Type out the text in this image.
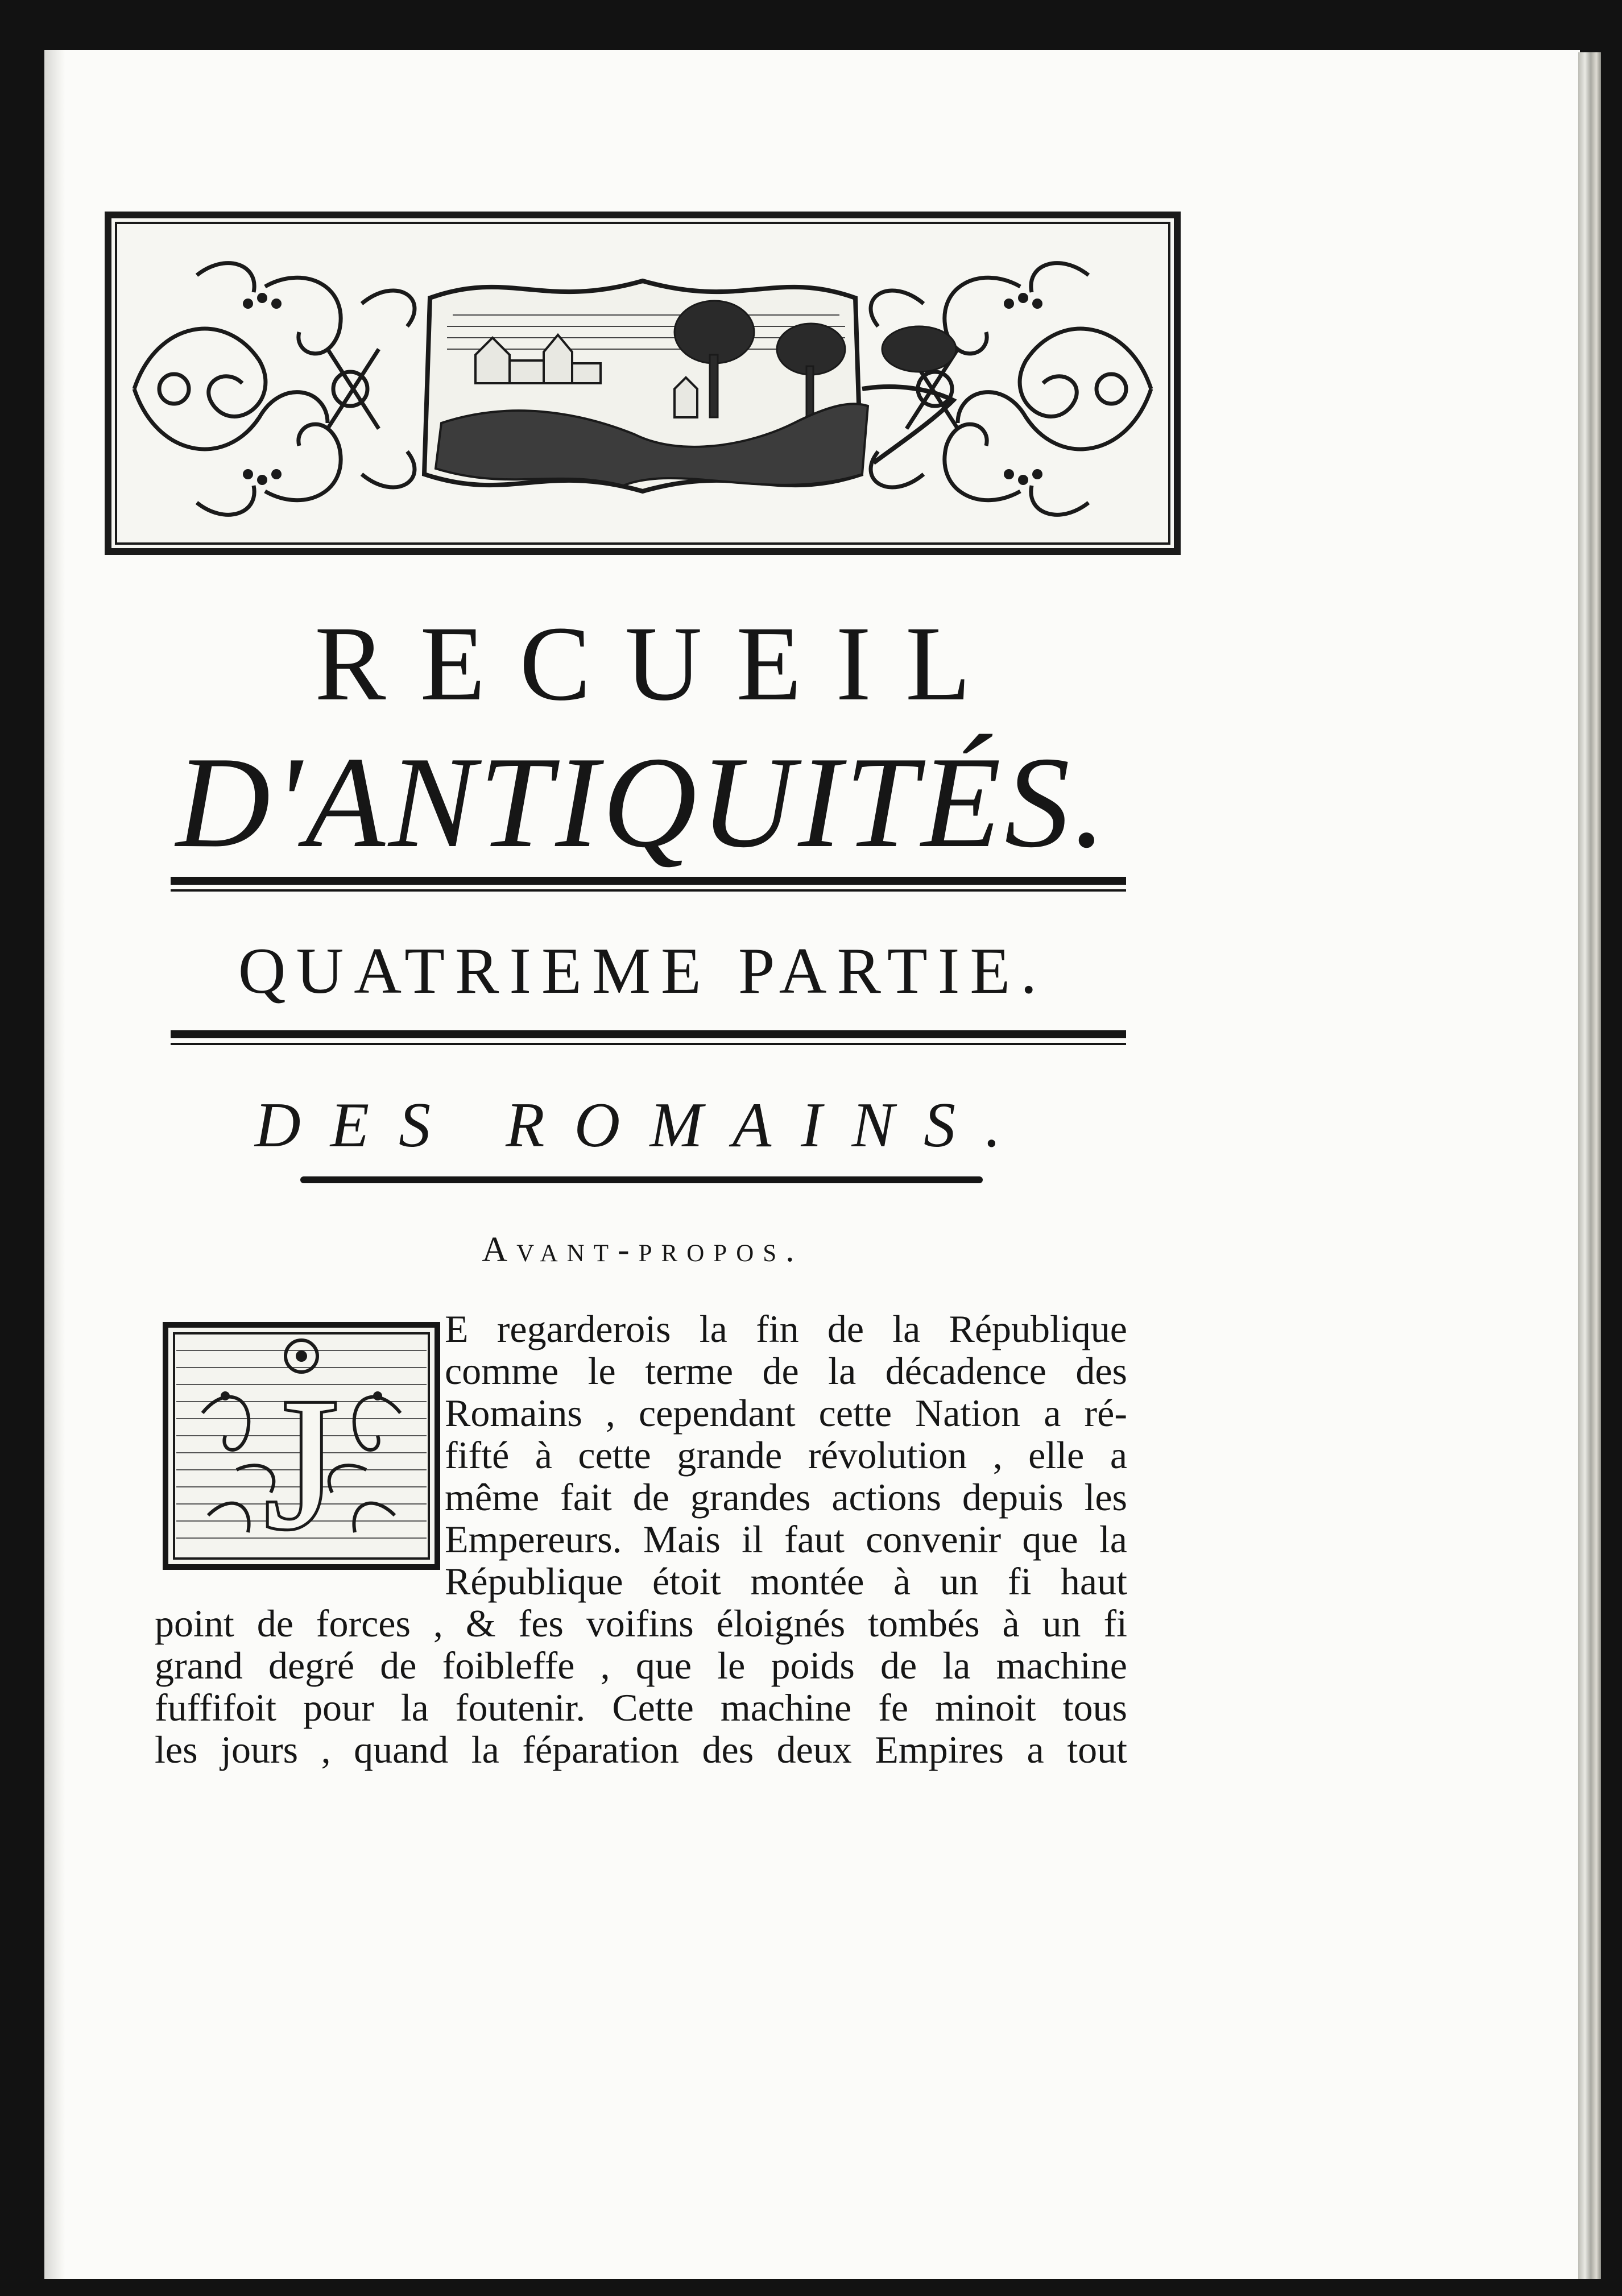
RECUEIL
D'ANTIQUITÉS.
QUATRIEME PARTIE.
DES ROMAINS.
Avant-propos.
J
E regarderois la fin de la République
comme le terme de la décadence des
Romains , cependant cette Nation a ré-
fifté à cette grande révolution , elle a
même fait de grandes actions depuis les
Empereurs. Mais il faut convenir que la
République étoit montée à un fi haut
point de forces , & fes voifins éloignés tombés à un fi
grand degré de foibleffe , que le poids de la machine
fuffifoit pour la foutenir. Cette machine fe minoit tous
les jours , quand la féparation des deux Empires a tout
